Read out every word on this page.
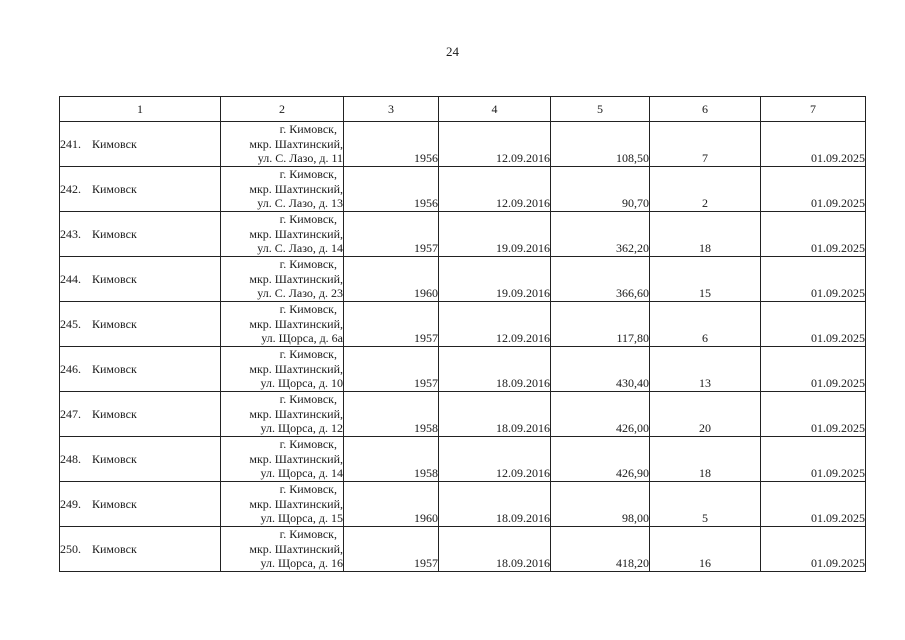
24
1	2	3	4	5	6	7
241. Кимовск	г. Кимовск,
мкр. Шахтинский,
ул. С. Лазо, д. 11	1956	12.09.2016	108,50	7	01.09.2025
242. Кимовск	г. Кимовск,
мкр. Шахтинский,
ул. С. Лазо, д. 13	1956	12.09.2016	90,70	2	01.09.2025
243. Кимовск	г. Кимовск,
мкр. Шахтинский,
ул. С. Лазо, д. 14	1957	19.09.2016	362,20	18	01.09.2025
244. Кимовск	г. Кимовск,
мкр. Шахтинский,
ул. С. Лазо, д. 23	1960	19.09.2016	366,60	15	01.09.2025
245. Кимовск	г. Кимовск,
мкр. Шахтинский,
ул. Щорса, д. 6а	1957	12.09.2016	117,80	6	01.09.2025
246. Кимовск	г. Кимовск,
мкр. Шахтинский,
ул. Щорса, д. 10	1957	18.09.2016	430,40	13	01.09.2025
247. Кимовск	г. Кимовск,
мкр. Шахтинский,
ул. Щорса, д. 12	1958	18.09.2016	426,00	20	01.09.2025
248. Кимовск	г. Кимовск,
мкр. Шахтинский,
ул. Щорса, д. 14	1958	12.09.2016	426,90	18	01.09.2025
249. Кимовск	г. Кимовск,
мкр. Шахтинский,
ул. Щорса, д. 15	1960	18.09.2016	98,00	5	01.09.2025
250. Кимовск	г. Кимовск,
мкр. Шахтинский,
ул. Щорса, д. 16	1957	18.09.2016	418,20	16	01.09.2025
